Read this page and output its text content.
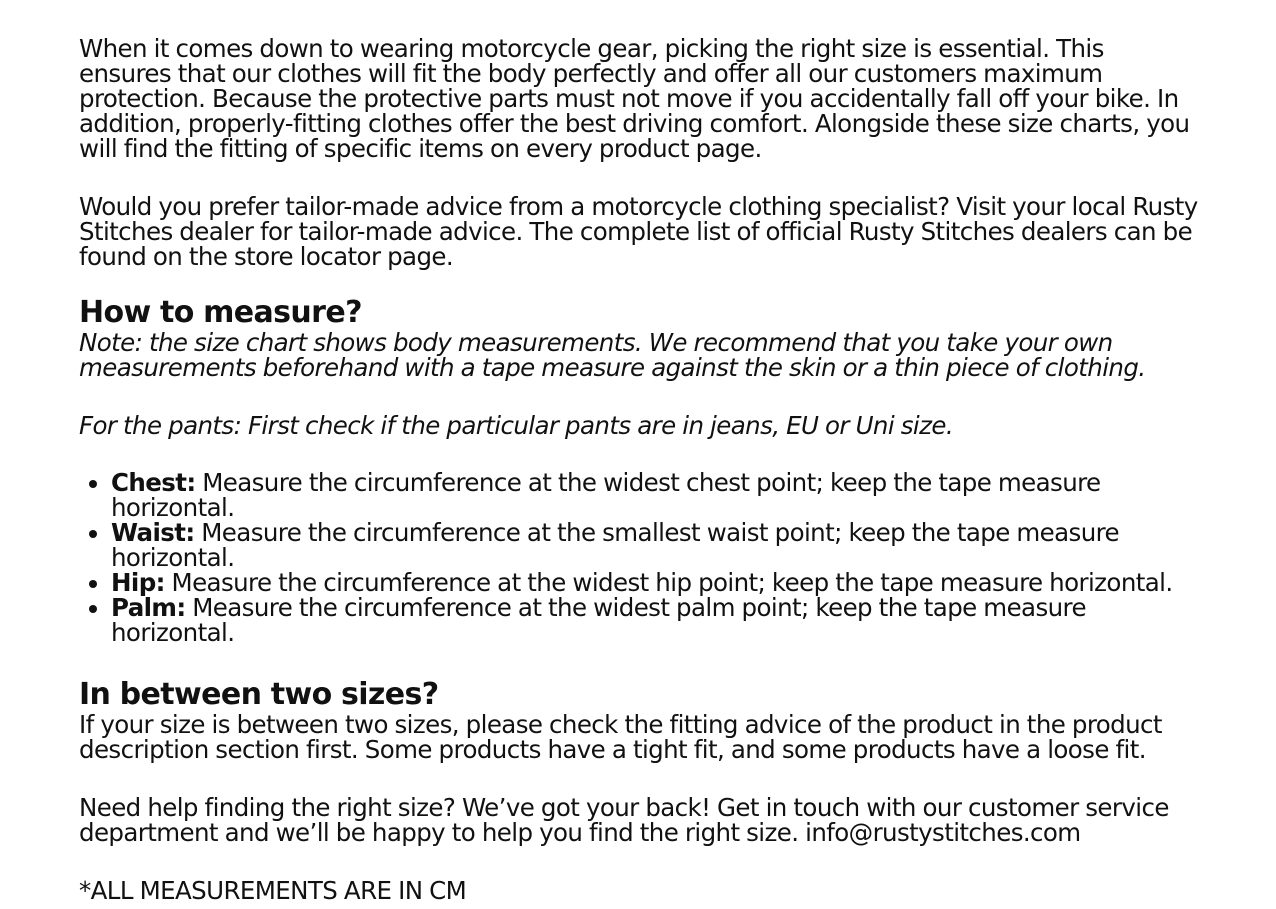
When it comes down to wearing motorcycle gear, picking the right size is essential. This ensures that our clothes will fit the body perfectly and offer all our customers maximum protection. Because the protective parts must not move if you accidentally fall off your bike. In addition, properly-fitting clothes offer the best driving comfort. Alongside these size charts, you will find the fitting of specific items on every product page.

Would you prefer tailor-made advice from a motorcycle clothing specialist? Visit your local Rusty Stitches dealer for tailor-made advice. The complete list of official Rusty Stitches dealers can be found on the store locator page.

How to measure?

Note: the size chart shows body measurements. We recommend that you take your own measurements beforehand with a tape measure against the skin or a thin piece of clothing.

For the pants: First check if the particular pants are in jeans, EU or Uni size.

• Chest: Measure the circumference at the widest chest point; keep the tape measure horizontal.
• Waist: Measure the circumference at the smallest waist point; keep the tape measure horizontal.
• Hip: Measure the circumference at the widest hip point; keep the tape measure horizontal.
• Palm: Measure the circumference at the widest palm point; keep the tape measure horizontal.
In between two sizes?

If your size is between two sizes, please check the fitting advice of the product in the product description section first. Some products have a tight fit, and some products have a loose fit.

Need help finding the right size? We’ve got your back! Get in touch with our customer service department and we’ll be happy to help you find the right size. info@rustystitches.com

*ALL MEASUREMENTS ARE IN CM
